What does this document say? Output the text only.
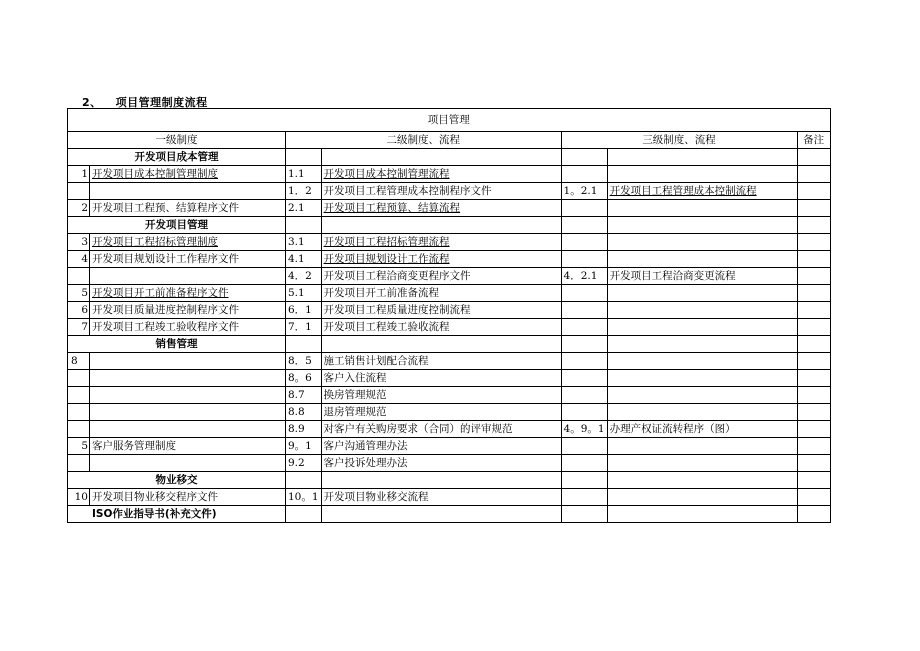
2、 项目管理制度流程
项目管理						
一级制度		二级制度、流程		三级制度、流程		备注
开发项目成本管理						
1	开发项目成本控制管理制度	1.1	开发项目成本控制管理流程			
		1．2	开发项目工程管理成本控制程序文件	1。2.1	开发项目工程管理成本控制流程	
2	开发项目工程预、结算程序文件	2.1	开发项目工程预算、结算流程			
开发项目管理						
3	开发项目工程招标管理制度	3.1	开发项目工程招标管理流程			
4	开发项目规划设计工作程序文件	4.1	开发项目规划设计工作流程			
		4．2	开发项目工程洽商变更程序文件	4．2.1	开发项目工程洽商变更流程	
5	开发项目开工前准备程序文件	5.1	开发项目开工前准备流程			
6	开发项目质量进度控制程序文件	6．1	开发项目工程质量进度控制流程			
7	开发项目工程竣工验收程序文件	7．1	开发项目工程竣工验收流程			
销售管理						
8		8．5	施工销售计划配合流程			
		8。6	客户入住流程			
		8.7	换房管理规范			
		8.8	退房管理规范			
		8.9	对客户有关购房要求（合同）的评审规范	4。9。1	办理产权证流转程序（图）	
5	客户服务管理制度	9。1	客户沟通管理办法			
		9.2	客户投诉处理办法			
物业移交						
10	开发项目物业移交程序文件	10。1	开发项目物业移交流程			
ISO作业指导书(补充文件)						
